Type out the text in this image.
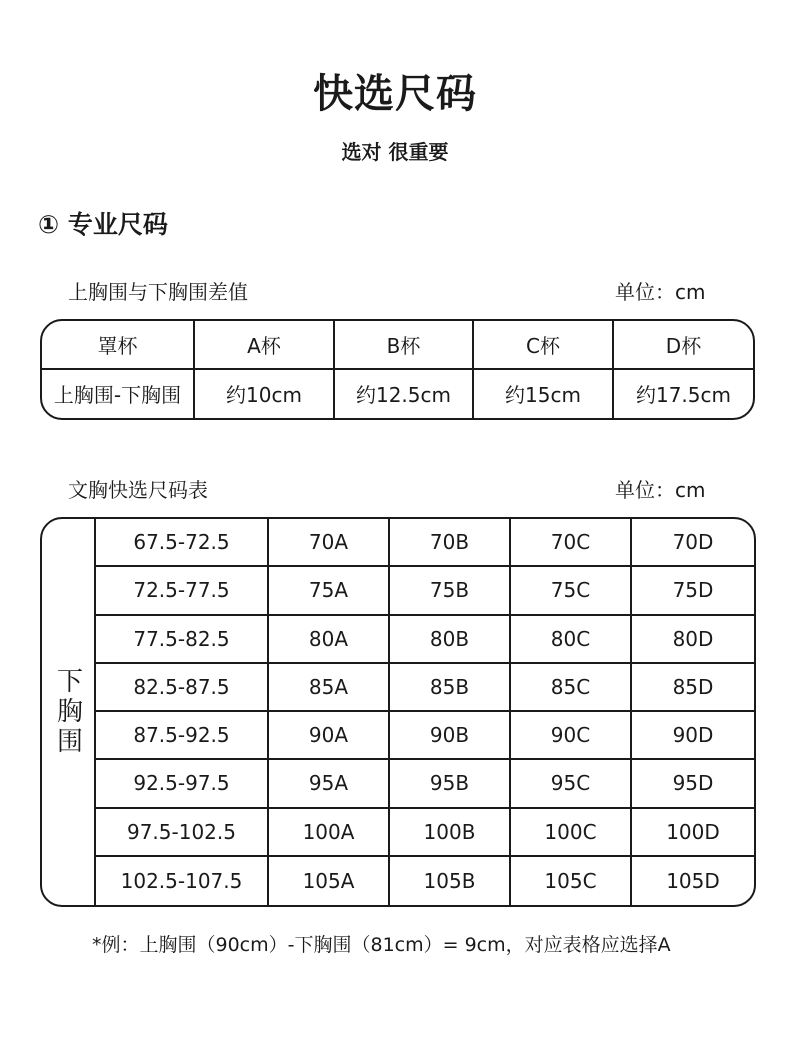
快选尺码
选对 很重要
① 专业尺码
上胸围与下胸围差值	单位：cm
罩杯	A杯	B杯	C杯	D杯
上胸围-下胸围	约10cm	约12.5cm	约15cm	约17.5cm
文胸快选尺码表	单位：cm
下胸围
67.5-72.5	70A	70B	70C	70D
72.5-77.5	75A	75B	75C	75D
77.5-82.5	80A	80B	80C	80D
82.5-87.5	85A	85B	85C	85D
87.5-92.5	90A	90B	90C	90D
92.5-97.5	95A	95B	95C	95D
97.5-102.5	100A	100B	100C	100D
102.5-107.5	105A	105B	105C	105D
*例：上胸围（90cm）-下胸围（81cm）= 9cm，对应表格应选择A
